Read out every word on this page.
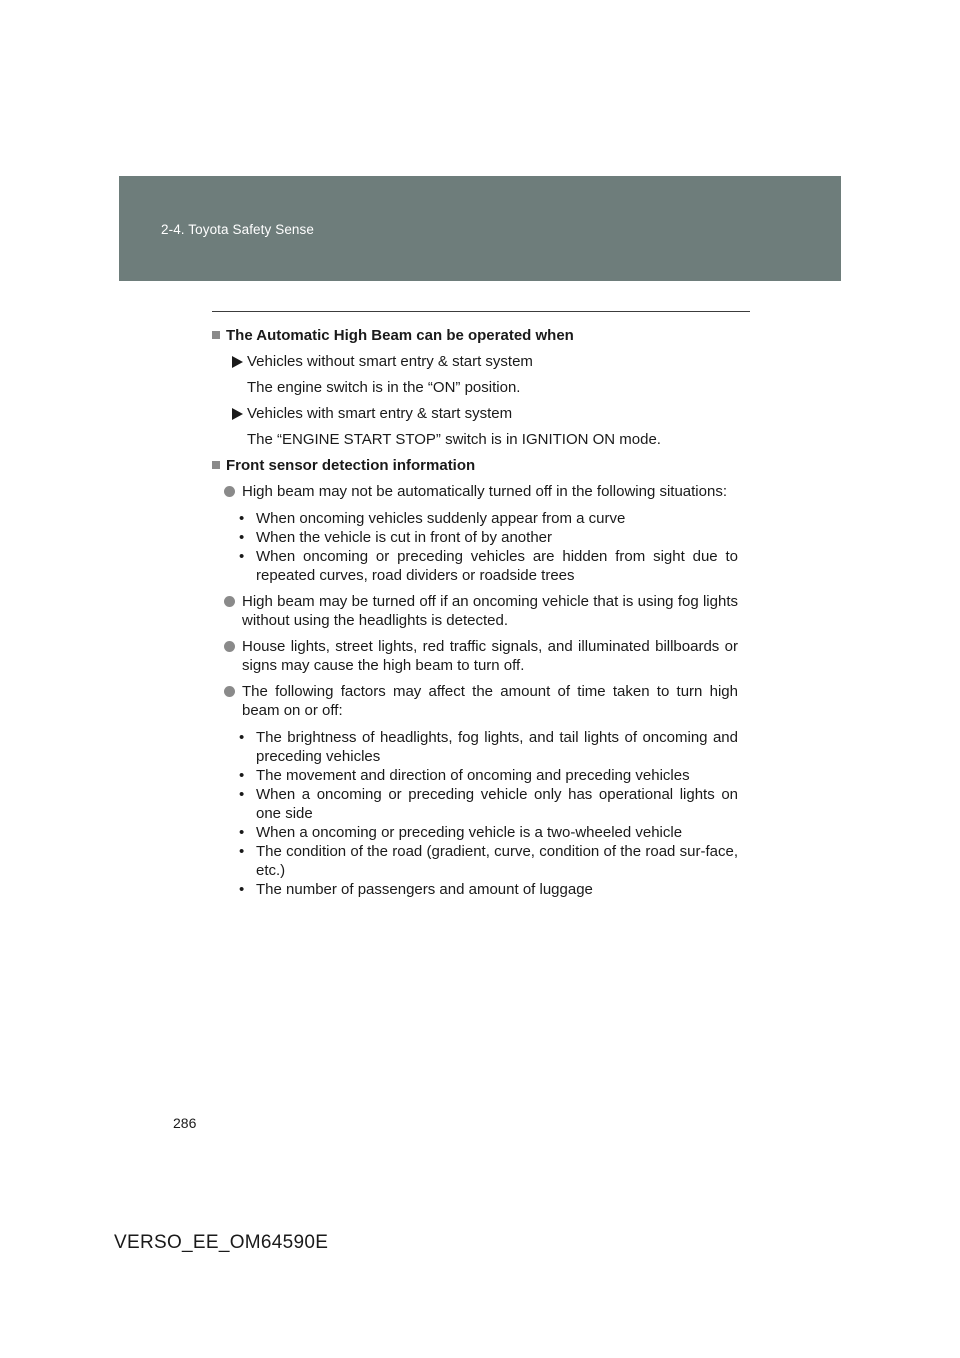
2-4. Toyota Safety Sense
The Automatic High Beam can be operated when
Vehicles without smart entry & start system
The engine switch is in the “ON” position.
Vehicles with smart entry & start system
The “ENGINE START STOP” switch is in IGNITION ON mode.
Front sensor detection information
High beam may not be automatically turned off in the following situations:
• When oncoming vehicles suddenly appear from a curve
• When the vehicle is cut in front of by another
• When oncoming or preceding vehicles are hidden from sight due to repeated curves, road dividers or roadside trees
High beam may be turned off if an oncoming vehicle that is using fog lights without using the headlights is detected.
House lights, street lights, red traffic signals, and illuminated billboards or signs may cause the high beam to turn off.
The following factors may affect the amount of time taken to turn high beam on or off:
• The brightness of headlights, fog lights, and tail lights of oncoming and preceding vehicles
• The movement and direction of oncoming and preceding vehicles
• When a oncoming or preceding vehicle only has operational lights on one side
• When a oncoming or preceding vehicle is a two-wheeled vehicle
• The condition of the road (gradient, curve, condition of the road sur-face, etc.)
• The number of passengers and amount of luggage
286
VERSO_EE_OM64590E
